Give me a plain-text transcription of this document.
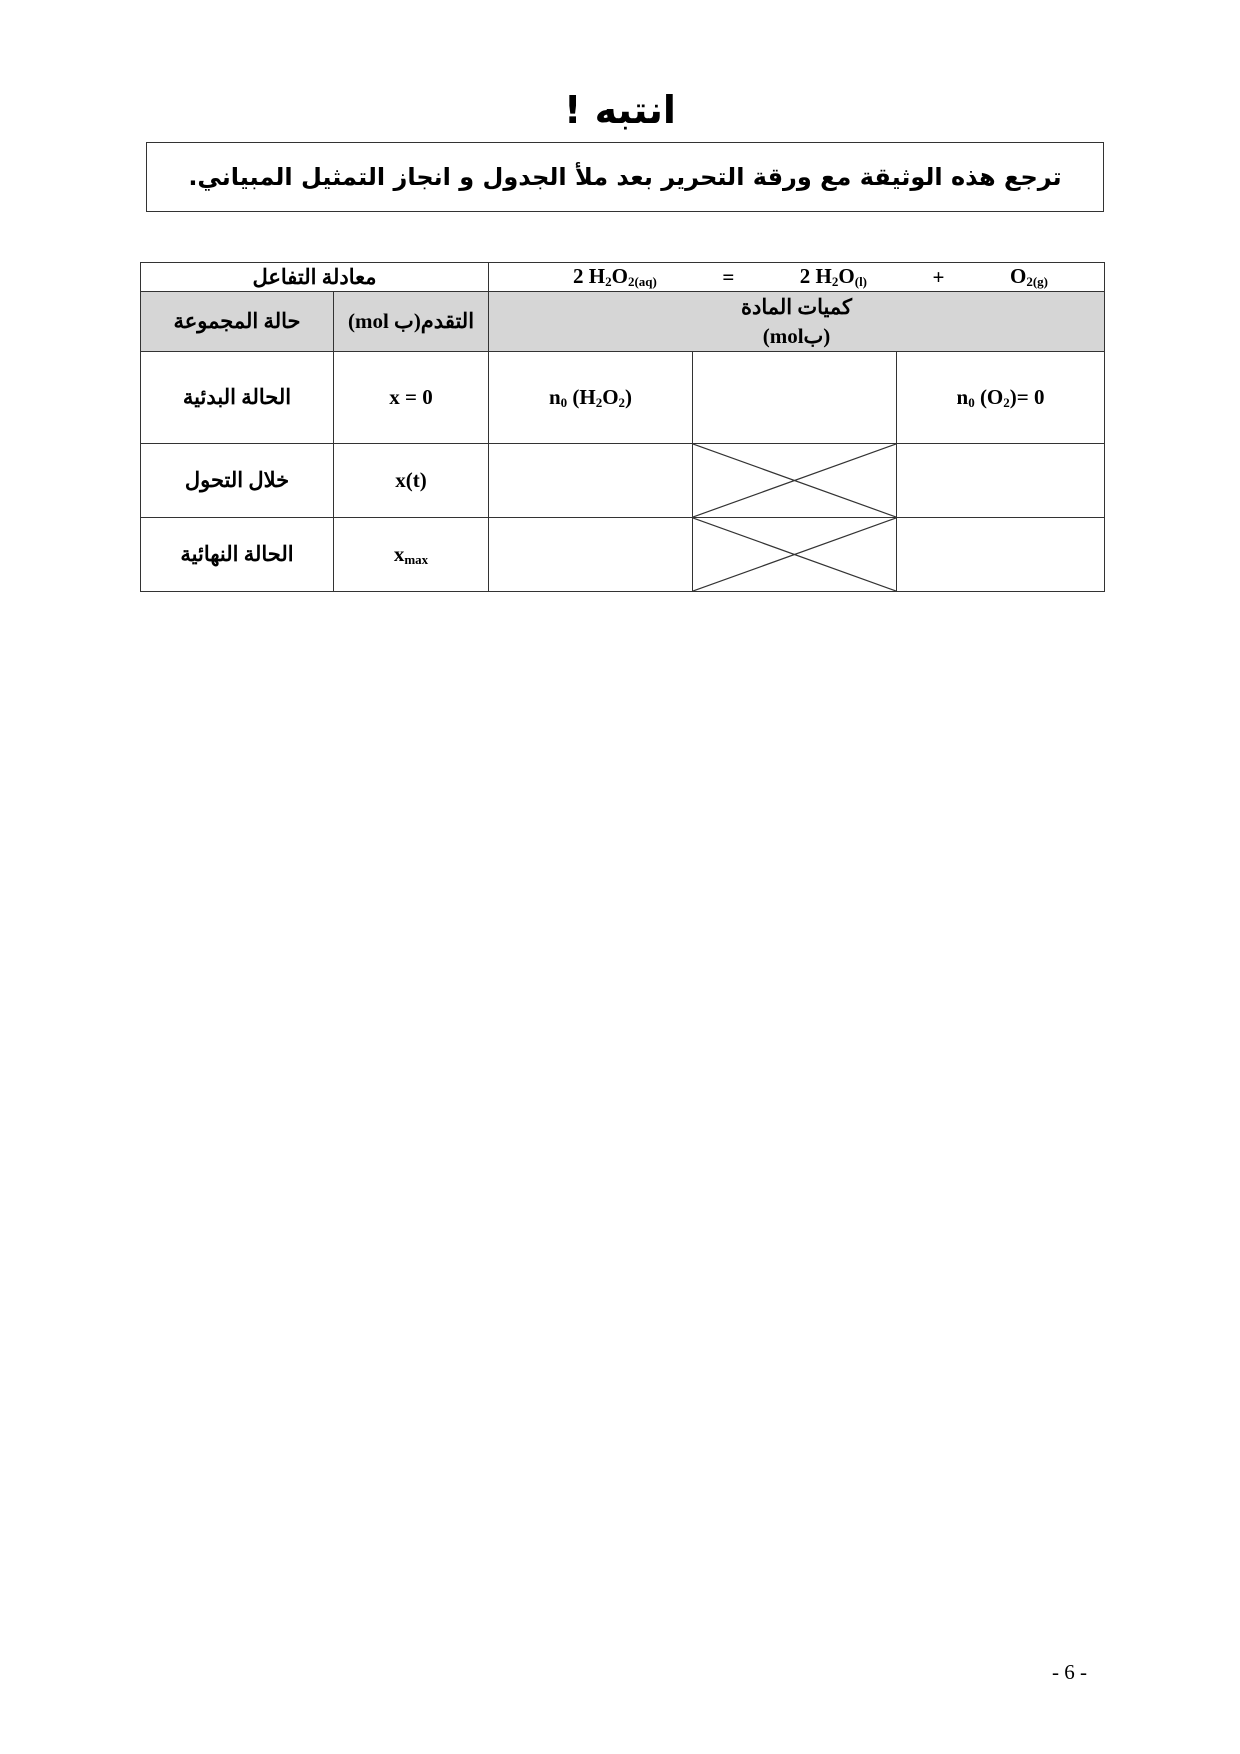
انتبه !
ترجع هذه الوثيقة مع ورقة التحرير بعد ملأ الجدول و انجاز التمثيل المبياني.
معادلة التفاعل		2 $H_2O_{2(aq)} = 2$ $H_2O_{(l)} + O_{2(g)}$

حالة المجموعة	التقدم(ب mol)	كميات المادة
(بmol)		

الحالة البدئية	x = 0	$n_0$ $(H_2O_2)$		$n_0$ $(O_2)= 0$
خلال التحول	x(t)		

الحالة النهائية	$x_{max}$		

- 6 -
